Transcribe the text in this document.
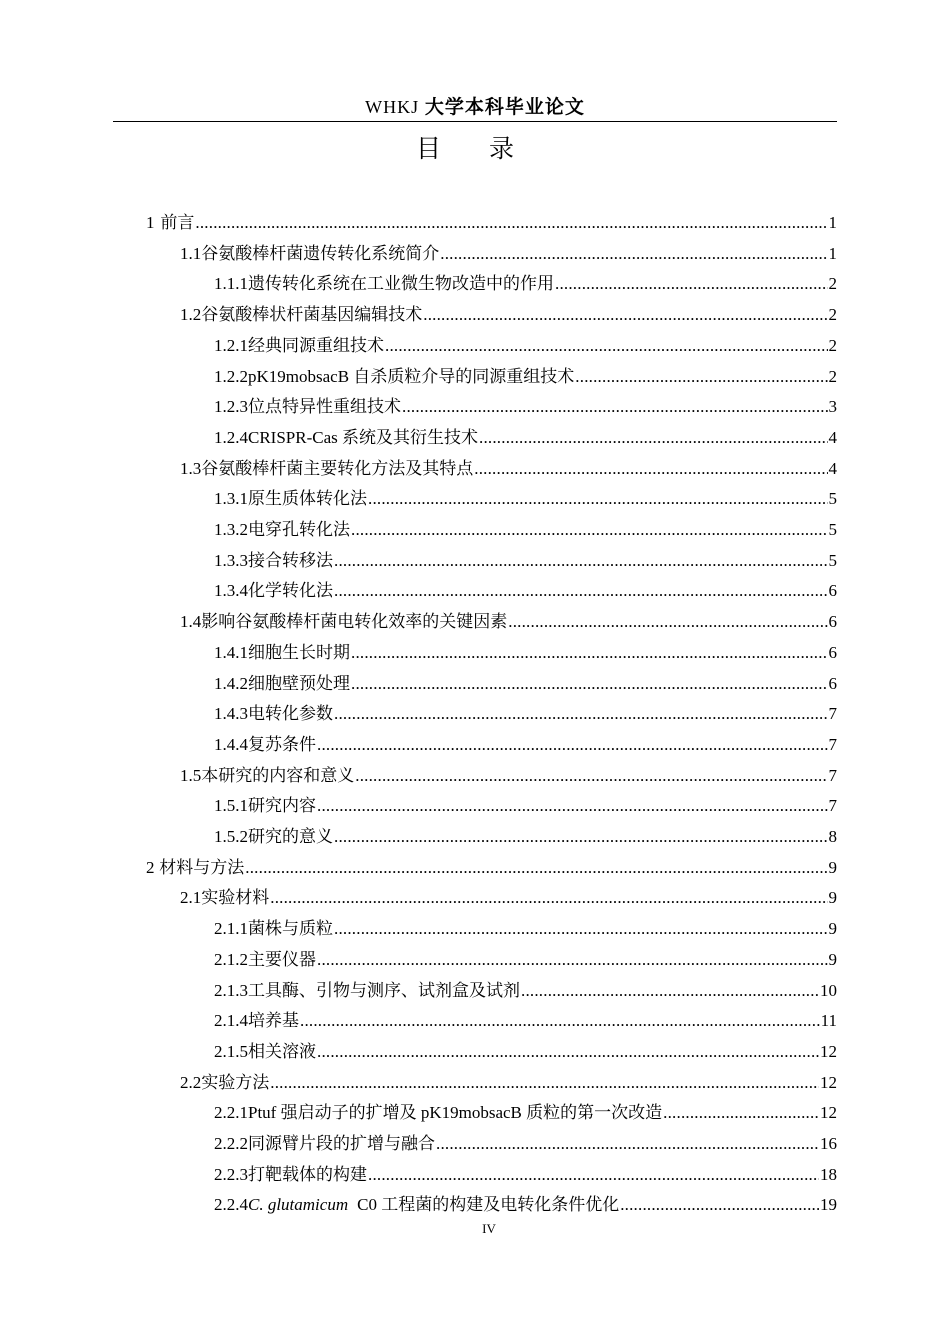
WHKJ 大学本科毕业论文
目 录
1 前言 .....	1
1.1 谷氨酸棒杆菌遗传转化系统简介 .....	1
1.1.1 遗传转化系统在工业微生物改造中的作用 .....	2
1.2 谷氨酸棒状杆菌基因编辑技术 .....	2
1.2.1 经典同源重组技术 .....	2
1.2.2 pK19mobsacB 自杀质粒介导的同源重组技术 .....	2
1.2.3 位点特异性重组技术 .....	3
1.2.4 CRISPR-Cas 系统及其衍生技术 .....	4
1.3 谷氨酸棒杆菌主要转化方法及其特点 .....	4
1.3.1 原生质体转化法 .....	5
1.3.2 电穿孔转化法 .....	5
1.3.3 接合转移法 .....	5
1.3.4 化学转化法 .....	6
1.4 影响谷氨酸棒杆菌电转化效率的关键因素 .....	6
1.4.1 细胞生长时期 .....	6
1.4.2 细胞壁预处理 .....	6
1.4.3 电转化参数 .....	7
1.4.4 复苏条件 .....	7
1.5 本研究的内容和意义 .....	7
1.5.1 研究内容 .....	7
1.5.2 研究的意义 .....	8
2 材料与方法 .....	9
2.1 实验材料 .....	9
2.1.1 菌株与质粒 .....	9
2.1.2 主要仪器 .....	9
2.1.3 工具酶、引物与测序、试剂盒及试剂 .....	10
2.1.4 培养基 .....	11
2.1.5 相关溶液 .....	12
2.2 实验方法 .....	12
2.2.1 Ptuf 强启动子的扩增及 pK19mobsacB 质粒的第一次改造 .....	12
2.2.2 同源臂片段的扩增与融合 .....	16
2.2.3 打靶载体的构建 .....	18
2.2.4 C. glutamicum C0 工程菌的构建及电转化条件优化 .....	19
IV
